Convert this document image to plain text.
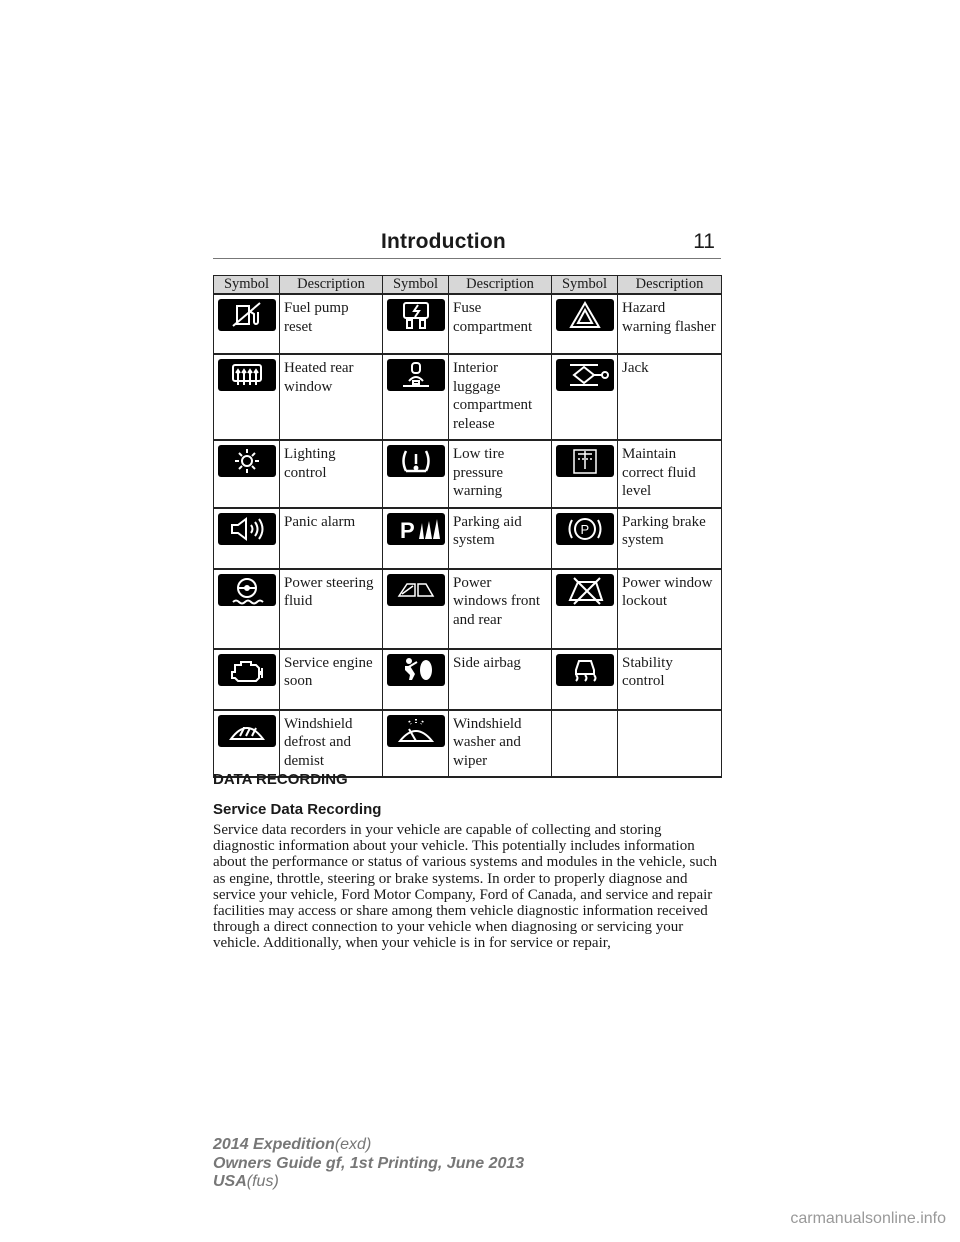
Introduction	11
Symbol	Description	Symbol	Description	Symbol	Description

	Fuel pump reset		Fuse compartment		Hazard warning flasher

	Heated rear window		Interior luggage compartment release		Jack

	Lighting control		Low tire pressure warning		Maintain correct fluid level

	Panic alarm	P	Parking aid system	P	Parking brake system

	Power steering fluid		Power windows front and rear		Power window lockout

	Service engine soon		Side airbag		Stability control

	Windshield defrost and demist		Windshield washer and wiper		
DATA RECORDING
Service Data Recording
Service data recorders in your vehicle are capable of collecting and storing diagnostic information about your vehicle. This potentially includes information about the performance or status of various systems and modules in the vehicle, such as engine, throttle, steering or brake systems. In order to properly diagnose and service your vehicle, Ford Motor Company, Ford of Canada, and service and repair facilities may access or share among them vehicle diagnostic information received through a direct connection to your vehicle when diagnosing or servicing your vehicle. Additionally, when your vehicle is in for service or repair,
2014 Expedition(exd)
Owners Guide gf, 1st Printing, June 2013
USA(fus)
carmanualsonline.info
